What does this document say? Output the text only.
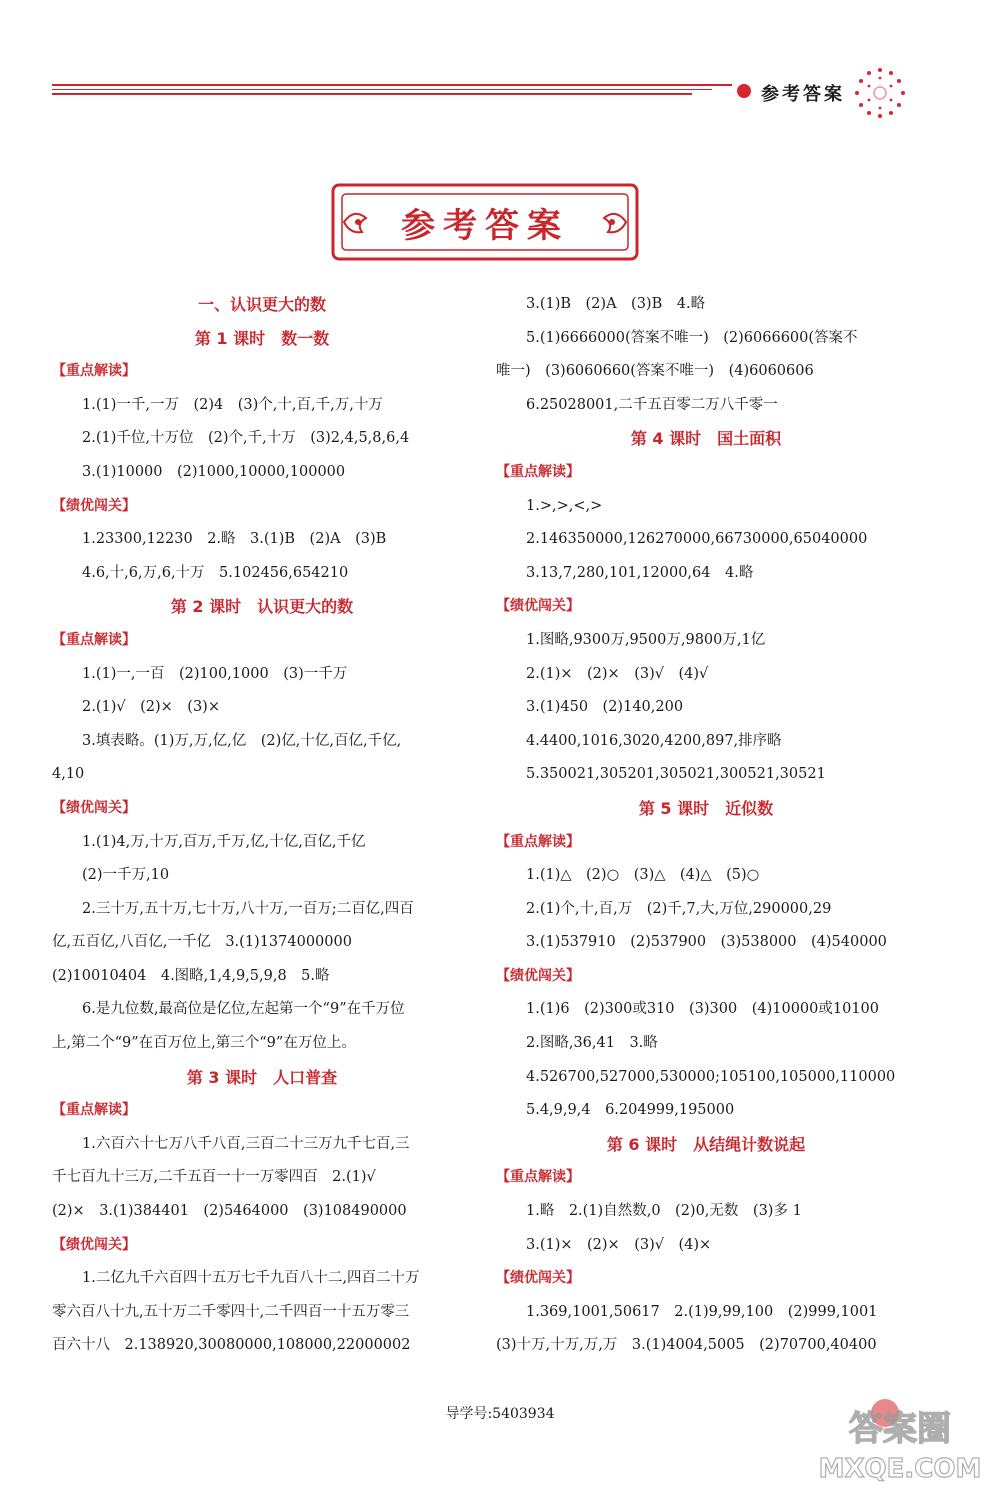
参考答案
参考答案
一、认识更大的数
第 1 课时　数一数
【重点解读】
1.(1)一千,一万　(2)4　(3)个,十,百,千,万,十万
2.(1)千位,十万位　(2)个,千,十万　(3)2,4,5,8,6,4
3.(1)10000　(2)1000,10000,100000
【绩优闯关】
1.23300,12230　2.略　3.(1)B　(2)A　(3)B
4.6,十,6,万,6,十万　5.102456,654210
第 2 课时　认识更大的数
【重点解读】
1.(1)一,一百　(2)100,1000　(3)一千万
2.(1)√　(2)×　(3)×
3.填表略。(1)万,万,亿,亿　(2)亿,十亿,百亿,千亿,
4,10
【绩优闯关】
1.(1)4,万,十万,百万,千万,亿,十亿,百亿,千亿
(2)一千万,10
2.三十万,五十万,七十万,八十万,一百万;二百亿,四百
亿,五百亿,八百亿,一千亿　3.(1)1374000000
(2)10010404　4.图略,1,4,9,5,9,8　5.略
6.是九位数,最高位是亿位,左起第一个“9”在千万位
上,第二个“9”在百万位上,第三个“9”在万位上。
第 3 课时　人口普查
【重点解读】
1.六百六十七万八千八百,三百二十三万九千七百,三
千七百九十三万,二千五百一十一万零四百　2.(1)√
(2)×　3.(1)384401　(2)5464000　(3)108490000
【绩优闯关】
1.二亿九千六百四十五万七千九百八十二,四百二十万
零六百八十九,五十万二千零四十,二千四百一十五万零三
百六十八　2.138920,30080000,108000,22000002
3.(1)B　(2)A　(3)B　4.略
5.(1)6666000(答案不唯一)　(2)6066600(答案不
唯一)　(3)6060660(答案不唯一)　(4)6060606
6.25028001,二千五百零二万八千零一
第 4 课时　国土面积
【重点解读】
1.>,>,<,>
2.146350000,126270000,66730000,65040000
3.13,7,280,101,12000,64　4.略
【绩优闯关】
1.图略,9300万,9500万,9800万,1亿
2.(1)×　(2)×　(3)√　(4)√
3.(1)450　(2)140,200
4.4400,1016,3020,4200,897,排序略
5.350021,305201,305021,300521,30521
第 5 课时　近似数
【重点解读】
1.(1)△　(2)○　(3)△　(4)△　(5)○
2.(1)个,十,百,万　(2)千,7,大,万位,290000,29
3.(1)537910　(2)537900　(3)538000　(4)540000
【绩优闯关】
1.(1)6　(2)300或310　(3)300　(4)10000或10100
2.图略,36,41　3.略
4.526700,527000,530000;105100,105000,110000
5.4,9,9,4　6.204999,195000
第 6 课时　从结绳计数说起
【重点解读】
1.略　2.(1)自然数,0　(2)0,无数　(3)多 1
3.(1)×　(2)×　(3)√　(4)×
【绩优闯关】
1.369,1001,50617　2.(1)9,99,100　(2)999,1001
(3)十万,十万,万,万　3.(1)4004,5005　(2)70700,40400
导学号:5403934	答案圈
MXQE.COM
